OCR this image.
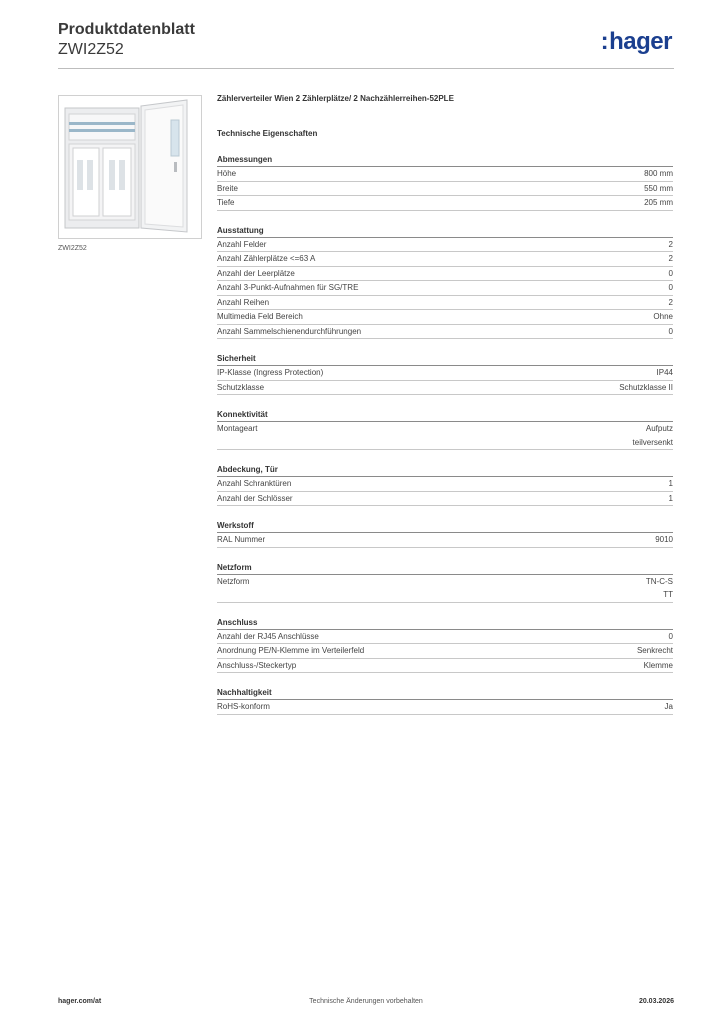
Produktdatenblatt
ZWI2Z52	:hager
ZWI2Z52
Zählerverteiler Wien 2 Zählerplätze/ 2 Nachzählerreihen-52PLE
Technische Eigenschaften
Abmessungen
Höhe	800 mm
Breite	550 mm
Tiefe	205 mm
Ausstattung
Anzahl Felder	2
Anzahl Zählerplätze <=63 A	2
Anzahl der Leerplätze	0
Anzahl 3-Punkt-Aufnahmen für SG/TRE	0
Anzahl Reihen	2
Multimedia Feld Bereich	Ohne
Anzahl Sammelschienendurchführungen	0
Sicherheit
IP-Klasse (Ingress Protection)	IP44
Schutzklasse	Schutzklasse II
Konnektivität
Montageart	Aufputz
teilversenkt
Abdeckung, Tür
Anzahl Schranktüren	1
Anzahl der Schlösser	1
Werkstoff
RAL Nummer	9010
Netzform
Netzform	TN-C-S
TT
Anschluss
Anzahl der RJ45 Anschlüsse	0
Anordnung PE/N-Klemme im Verteilerfeld	Senkrecht
Anschluss-/Steckertyp	Klemme
Nachhaltigkeit
RoHS-konform	Ja
Technische Änderungen vorbehalten
hager.com/at	20.03.2026
